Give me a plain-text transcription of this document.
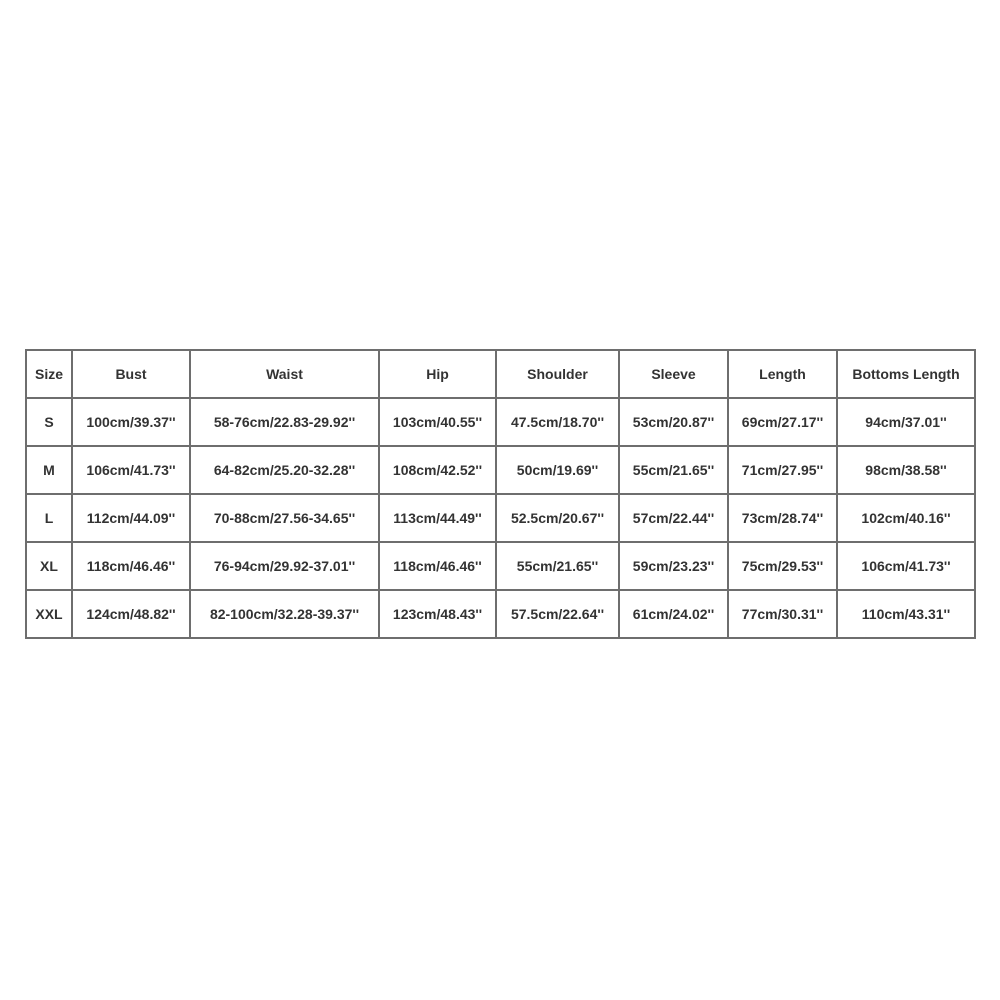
Size	Bust	Waist	Hip	Shoulder	Sleeve	Length	Bottoms Length
S	100cm/39.37''	58-76cm/22.83-29.92''	103cm/40.55''	47.5cm/18.70''	53cm/20.87''	69cm/27.17''	94cm/37.01''
M	106cm/41.73''	64-82cm/25.20-32.28''	108cm/42.52''	50cm/19.69''	55cm/21.65''	71cm/27.95''	98cm/38.58''
L	112cm/44.09''	70-88cm/27.56-34.65''	113cm/44.49''	52.5cm/20.67''	57cm/22.44''	73cm/28.74''	102cm/40.16''
XL	118cm/46.46''	76-94cm/29.92-37.01''	118cm/46.46''	55cm/21.65''	59cm/23.23''	75cm/29.53''	106cm/41.73''
XXL	124cm/48.82''	82-100cm/32.28-39.37''	123cm/48.43''	57.5cm/22.64''	61cm/24.02''	77cm/30.31''	110cm/43.31''
